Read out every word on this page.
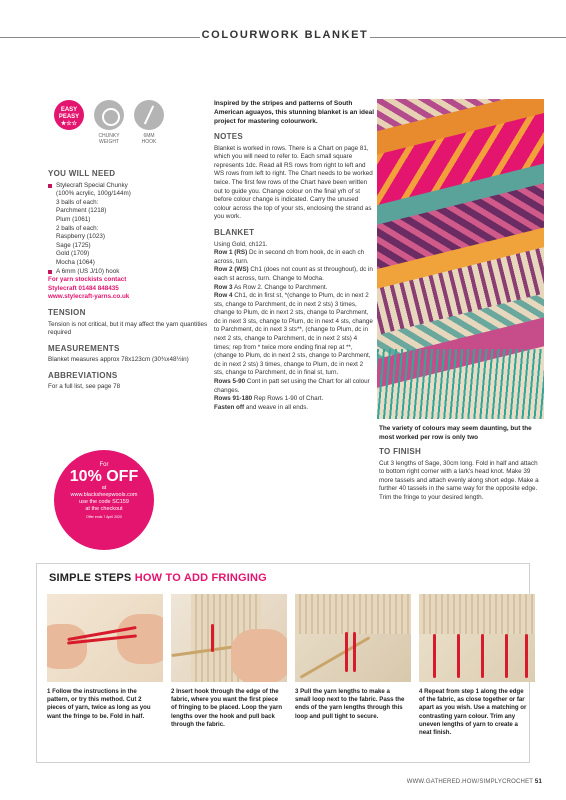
COLOURWORK BLANKET
EASY
PEASY
★☆☆
CHUNKY
WEIGHT
6MM
HOOK
YOU WILL NEED
Stylecraft Special Chunky
(100% acrylic, 100g/144m)
3 balls of each:
Parchment (1218)
Plum (1061)
2 balls of each:
Raspberry (1023)
Sage (1725)
Gold (1709)
Mocha (1064)
A 6mm (US J/10) hook
For yarn stockists contact
Stylecraft 01484 848435
www.stylecraft-yarns.co.uk
TENSION
Tension is not critical, but it may affect the yarn quantities required
MEASUREMENTS
Blanket measures approx 78x123cm (30¾x48½in)
ABBREVIATIONS
For a full list, see page 78
For
10% OFF
at
www.blacksheepwools.com
use the code SC159
at the checkout
Offer ends 7 April 2020

Inspired by the stripes and patterns of South American aguayos, this stunning blanket is an ideal project for mastering colourwork.

NOTES

Blanket is worked in rows. There is a Chart on page 81, which you will need to refer to. Each small square represents 1dc. Read all RS rows from right to left and WS rows from left to right. The Chart needs to be worked twice. The first few rows of the Chart have been written out to guide you. Change colour on the final yrh of st before colour change is indicated. Carry the unused colour across the top of your sts, enclosing the strand as you work.

BLANKET

Using Gold, ch121.

Row 1 (RS) Dc in second ch from hook, dc in each ch across, turn.

Row 2 (WS) Ch1 (does not count as st throughout), dc in each st across, turn. Change to Mocha.

Row 3 As Row 2. Change to Parchment.

Row 4 Ch1, dc in first st, *(change to Plum, dc in next 2 sts, change to Parchment, dc in next 2 sts) 3 times, change to Plum, dc in next 2 sts, change to Parchment, dc in next 3 sts, change to Plum, dc in next 4 sts, change to Parchment, dc in next 3 sts**, (change to Plum, dc in next 2 sts, change to Parchment, dc in next 2 sts) 4 times; rep from * twice more ending final rep at **, (change to Plum, dc in next 2 sts, change to Parchment, dc in next 2 sts) 3 times, change to Plum, dc in next 2 sts, change to Parchment, dc in final st, turn.

Rows 5-90 Cont in patt set using the Chart for all colour changes.

Rows 91-180 Rep Rows 1-90 of Chart.

Fasten off and weave in all ends.

The variety of colours may seem daunting, but the most worked per row is only two

TO FINISH

Cut 3 lengths of Sage, 30cm long. Fold in half and attach to bottom right corner with a lark's head knot. Make 39 more tassels and attach evenly along short edge. Make a further 40 tassels in the same way for the opposite edge. Trim the fringe to your desired length.

SIMPLE STEPS HOW TO ADD FRINGING

1 Follow the instructions in the pattern, or try this method. Cut 2 pieces of yarn, twice as long as you want the fringe to be. Fold in half.

2 Insert hook through the edge of the fabric, where you want the first piece of fringing to be placed. Loop the yarn lengths over the hook and pull back through the fabric.

3 Pull the yarn lengths to make a small loop next to the fabric. Pass the ends of the yarn lengths through this loop and pull tight to secure.

4 Repeat from step 1 along the edge of the fabric, as close together or far apart as you wish. Use a matching or contrasting yarn colour. Trim any uneven lengths of yarn to create a neat finish.

WWW.GATHERED.HOW/SIMPLYCROCHET 51
